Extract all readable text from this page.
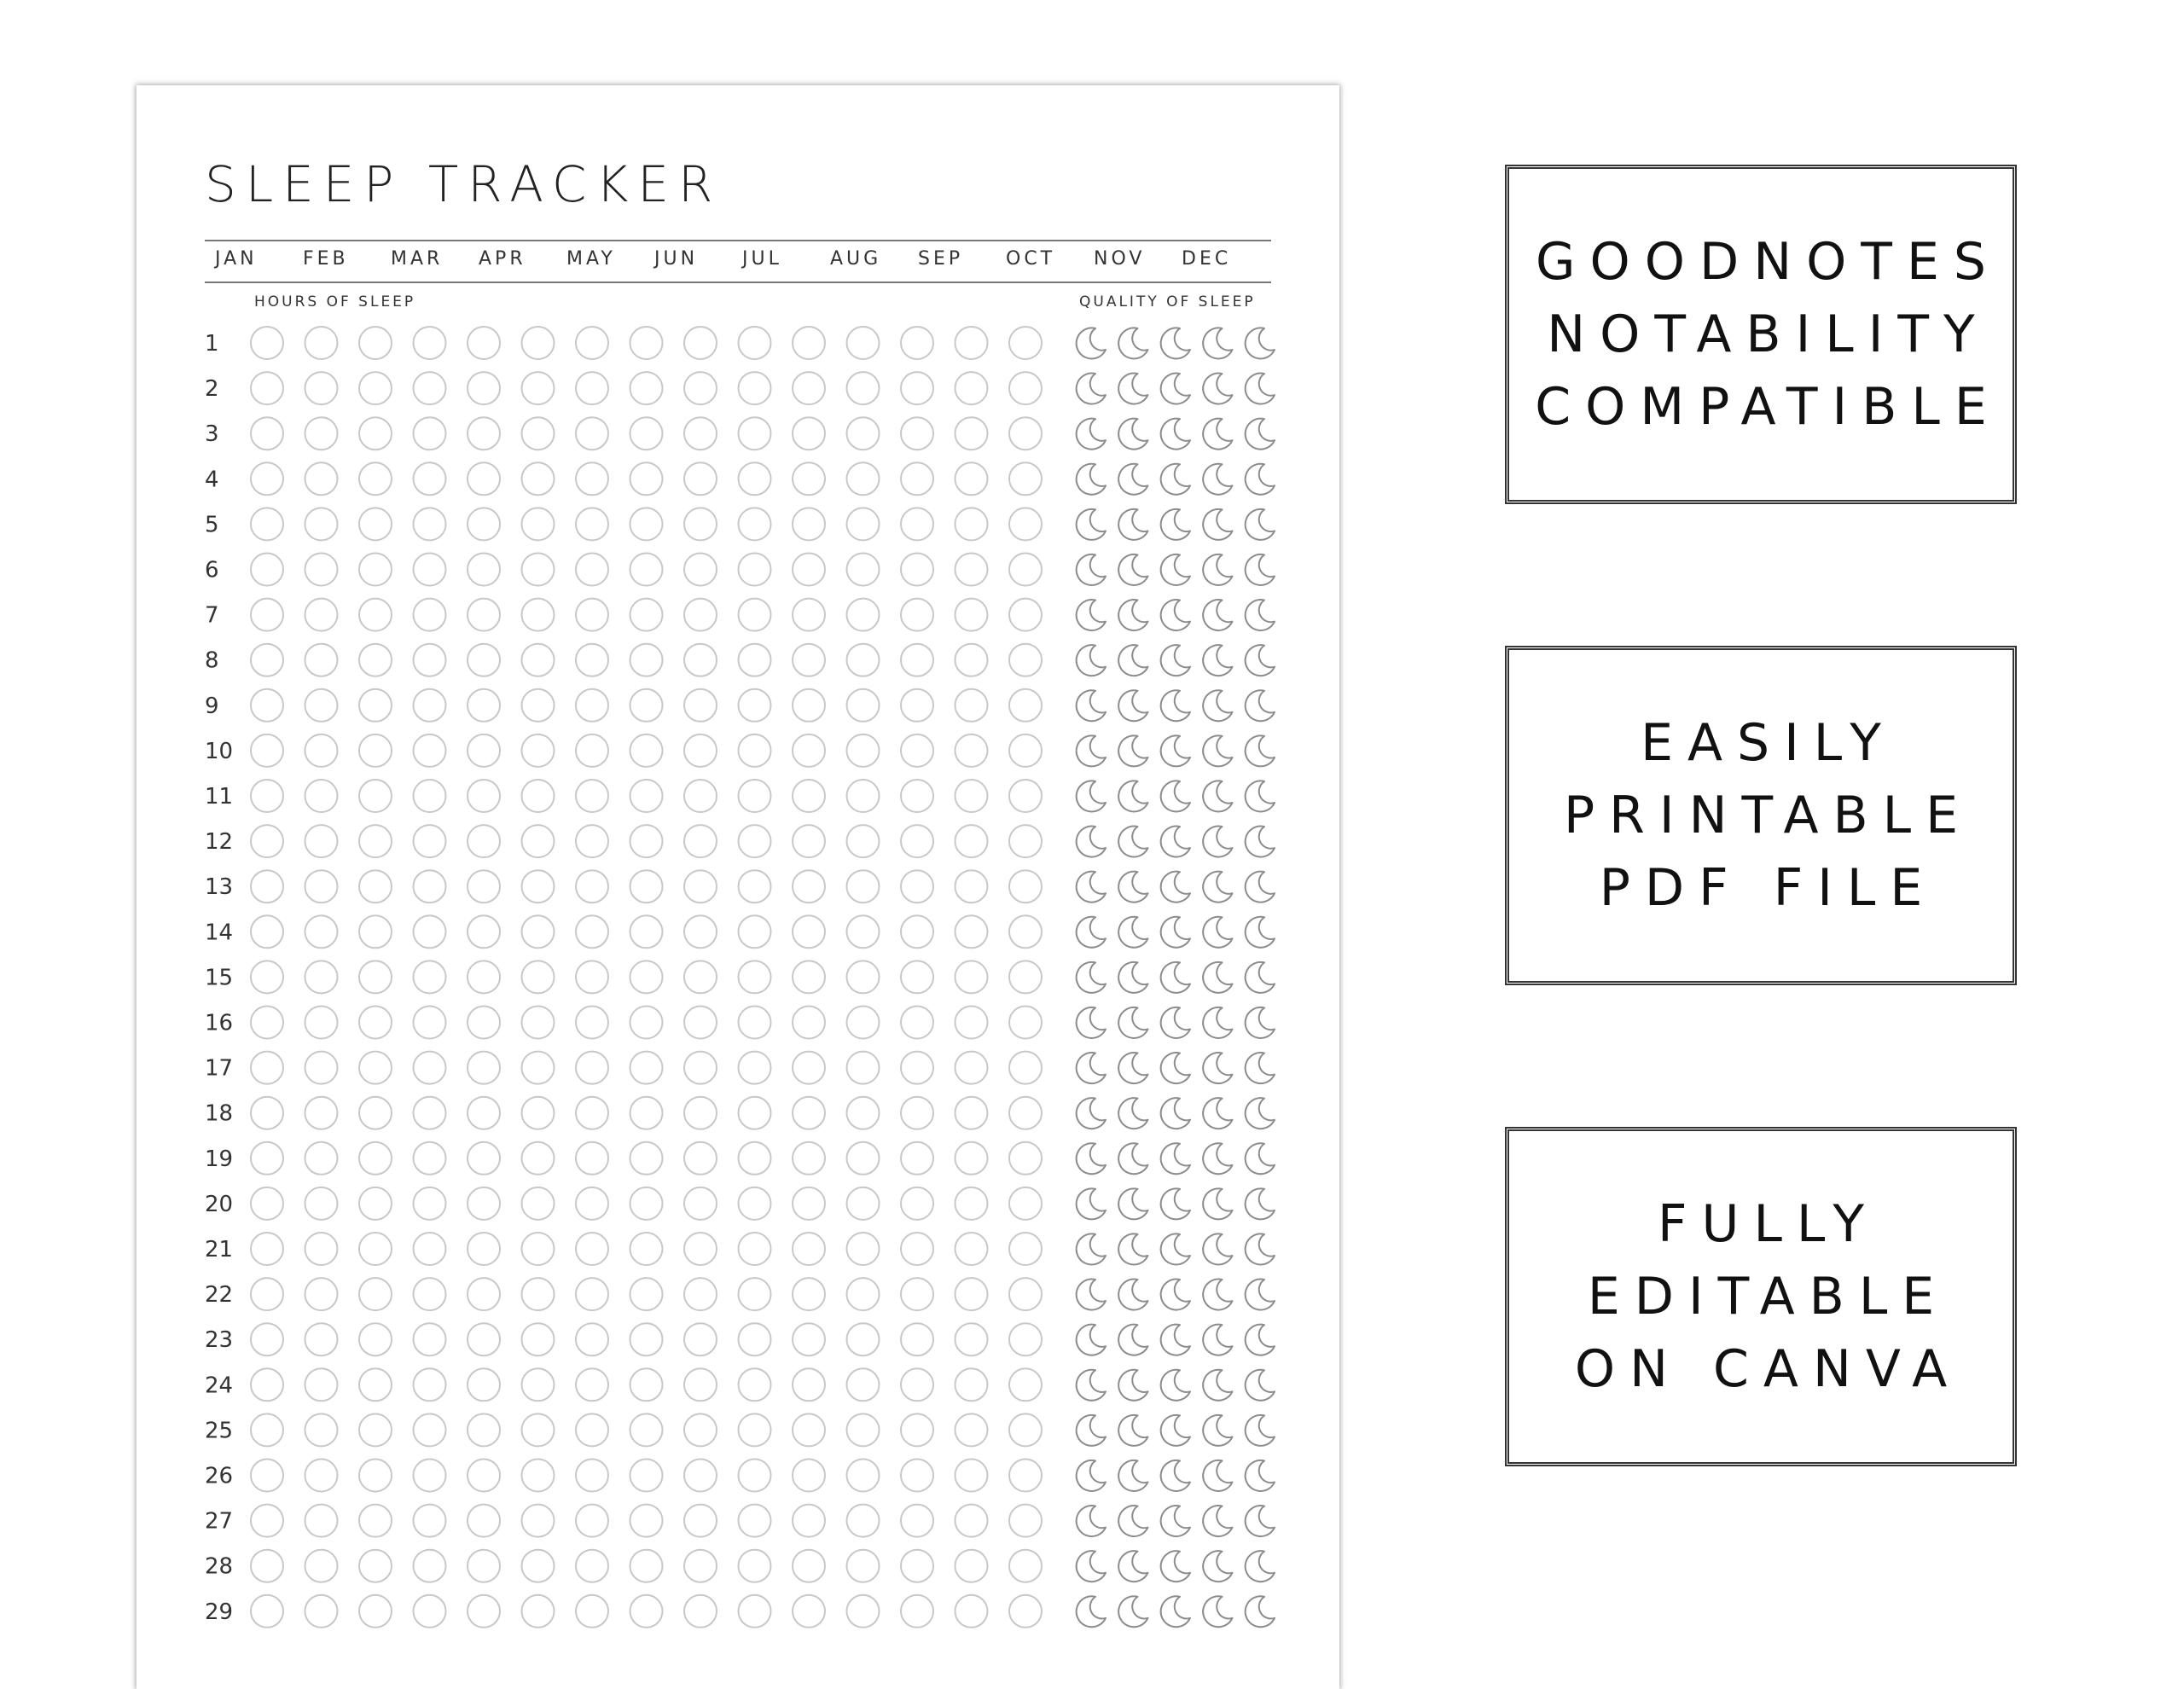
SLEEP TRACKER
JAN FEB MAR APR MAY JUN JUL	AUG SEP OCT NOV DEC
HOURS OF SLEEP	QUALITY OF SLEEP
1
2
3
4
5
6
7
8
9
10
11
12
13
14
15
16
17
18
19
20
21
22
23
24
25
26
27
28
29
GOODNOTES
NOTABILITY
COMPATIBLE
EASILY
PRINTABLE
PDF FILE
FULLY
EDITABLE
ON CANVA
